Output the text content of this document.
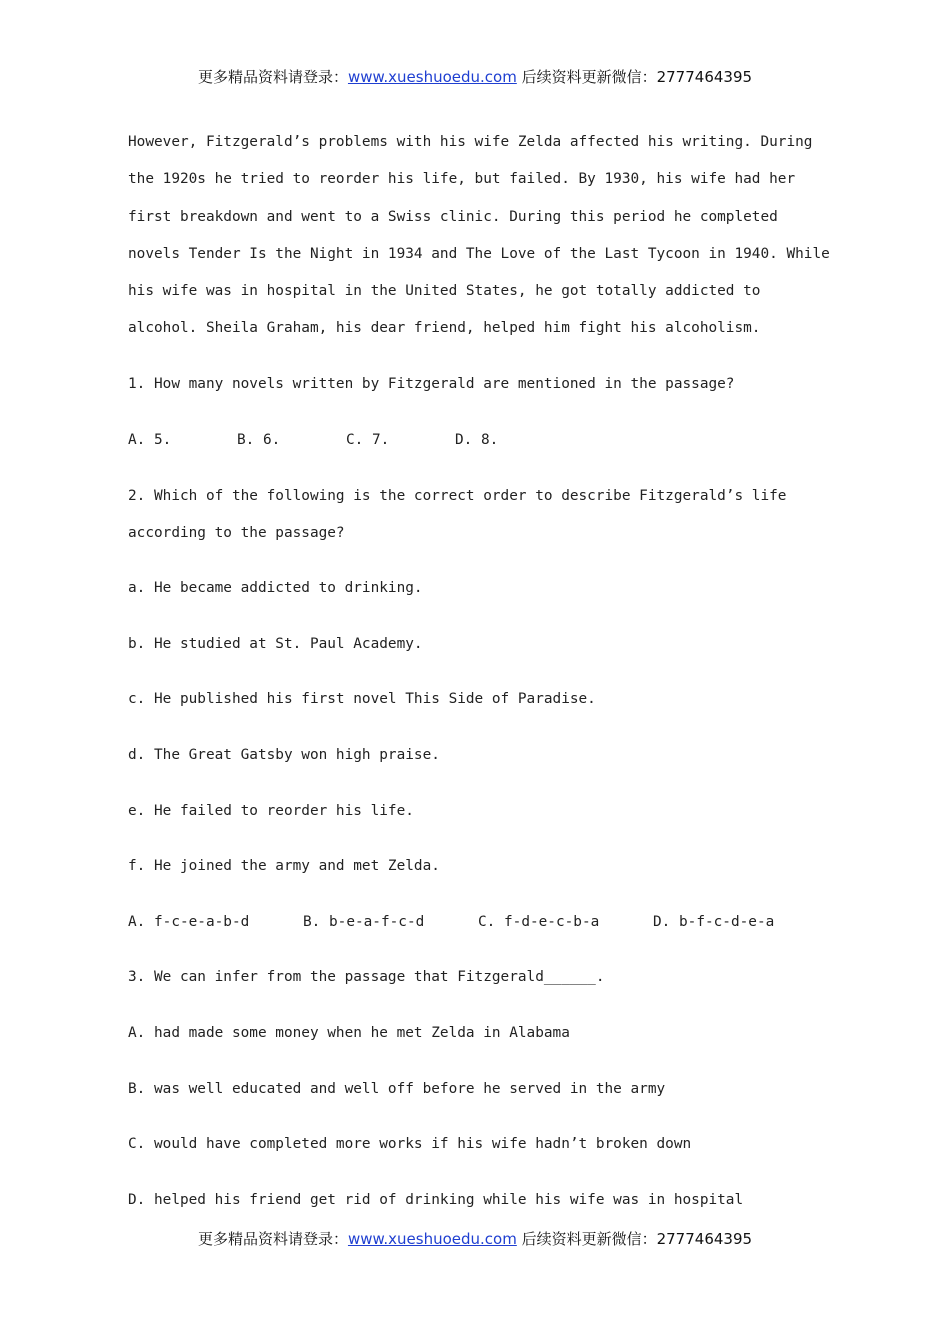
更多精品资料请登录：www.xueshuoedu.com 后续资料更新微信：2777464395

However, Fitzgerald’s problems with his wife Zelda affected his writing. During

the 1920s he tried to reorder his life, but failed. By 1930, his wife had her

first breakdown and went to a Swiss clinic. During this period he completed

novels Tender Is the Night in 1934 and The Love of the Last Tycoon in 1940. While

his wife was in hospital in the United States, he got totally addicted to

alcohol. Sheila Graham, his dear friend, helped him fight his alcoholism.

1. How many novels written by Fitzgerald are mentioned in the passage?

A. 5.	B. 6.	C. 7.	D. 8.

2. Which of the following is the correct order to describe Fitzgerald’s life

according to the passage?

a. He became addicted to drinking.

b. He studied at St. Paul Academy.

c. He published his first novel This Side of Paradise.

d. The Great Gatsby won high praise.

e. He failed to reorder his life.

f. He joined the army and met Zelda.

A. f-c-e-a-b-d	B. b-e-a-f-c-d	C. f-d-e-c-b-a	D. b-f-c-d-e-a

3. We can infer from the passage that Fitzgerald______.

A. had made some money when he met Zelda in Alabama

B. was well educated and well off before he served in the army

C. would have completed more works if his wife hadn’t broken down

D. helped his friend get rid of drinking while his wife was in hospital

更多精品资料请登录：www.xueshuoedu.com 后续资料更新微信：2777464395
